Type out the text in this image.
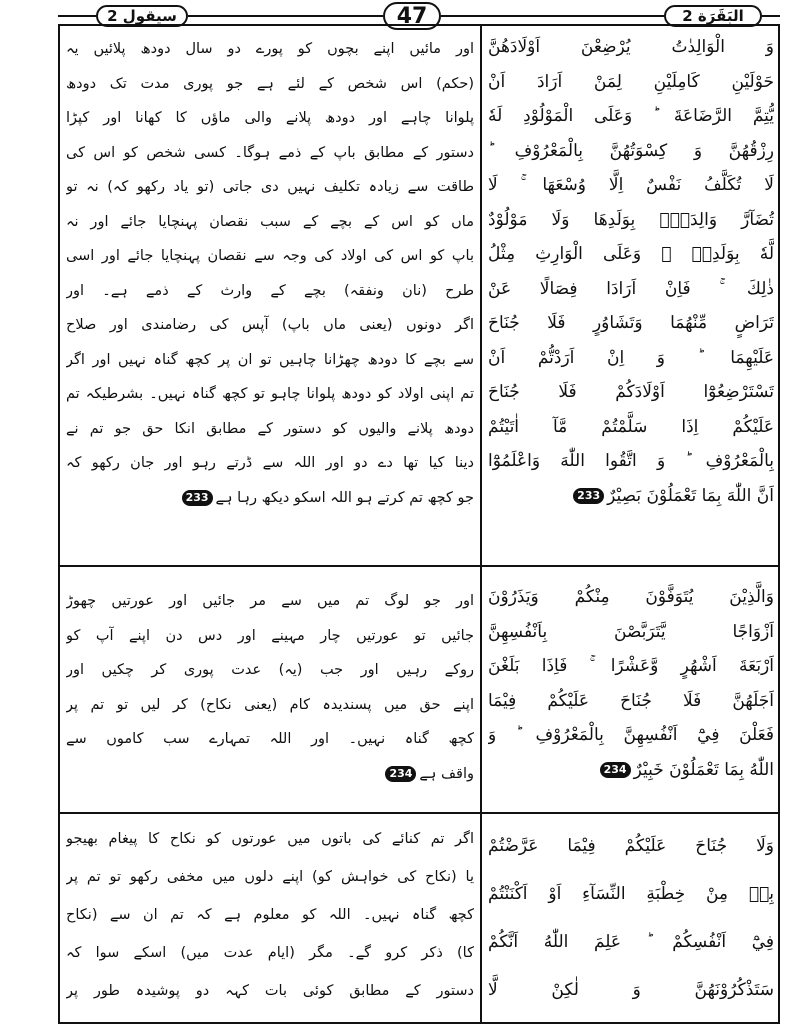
سیقول 2	47	البَقَرَة 2
وَ الْوَالِدٰتُ يُرْضِعْنَ اَوْلَادَهُنَّ
حَوْلَيْنِ كَامِلَيْنِ لِمَنْ اَرَادَ اَنْ
يُّتِمَّ الرَّضَاعَةَ ؕ وَعَلَى الْمَوْلُوْدِ لَهٗ
رِزْقُهُنَّ وَ كِسْوَتُهُنَّ بِالْمَعْرُوْفِ ؕ
لَا تُكَلَّفُ نَفْسٌ اِلَّا وُسْعَهَا ۚ لَا
تُضَآرَّ وَالِدَةٌۢ بِوَلَدِهَا وَلَا مَوْلُوْدٌ
لَّهٗ بِوَلَدِهٖ ۚ وَعَلَى الْوَارِثِ مِثْلُ
ذٰلِكَ ۚ فَاِنْ اَرَادَا فِصَالًا عَنْ
تَرَاضٍ مِّنْهُمَا وَتَشَاوُرٍ فَلَا جُنَاحَ
عَلَيْهِمَا ؕ وَ اِنْ اَرَدْتُّمْ اَنْ
تَسْتَرْضِعُوْٓا اَوْلَادَكُمْ فَلَا جُنَاحَ
عَلَيْكُمْ اِذَا سَلَّمْتُمْ مَّآ اٰتَيْتُمْ
بِالْمَعْرُوْفِ ؕ وَ اتَّقُوا اللّٰهَ وَاعْلَمُوْٓا
اَنَّ اللّٰهَ بِمَا تَعْمَلُوْنَ بَصِيْرٌ233
وَالَّذِيْنَ يُتَوَفَّوْنَ مِنْكُمْ وَيَذَرُوْنَ
اَزْوَاجًا يَّتَرَبَّصْنَ بِاَنْفُسِهِنَّ
اَرْبَعَةَ اَشْهُرٍ وَّعَشْرًا ۚ فَاِذَا بَلَغْنَ
اَجَلَهُنَّ فَلَا جُنَاحَ عَلَيْكُمْ فِيْمَا
فَعَلْنَ فِيْٓ اَنْفُسِهِنَّ بِالْمَعْرُوْفِ ؕ وَ
اللّٰهُ بِمَا تَعْمَلُوْنَ خَبِيْرٌ234
وَلَا جُنَاحَ عَلَيْكُمْ فِيْمَا عَرَّضْتُمْ
بِهٖ مِنْ خِطْبَةِ النِّسَآءِ اَوْ اَكْنَنْتُمْ
فِيْٓ اَنْفُسِكُمْ ؕ عَلِمَ اللّٰهُ اَنَّكُمْ
سَتَذْكُرُوْنَهُنَّ وَ لٰكِنْ لَّا
اور مائیں اپنے بچوں کو پورے دو سال دودھ پلائیں یہ
(حکم) اس شخص کے لئے ہے جو پوری مدت تک دودھ
پلوانا چاہے اور دودھ پلانے والی ماؤں کا کھانا اور کپڑا
دستور کے مطابق باپ کے ذمے ہوگا۔ کسی شخص کو اس کی
طاقت سے زیادہ تکلیف نہیں دی جاتی (تو یاد رکھو کہ) نہ تو
ماں کو اس کے بچے کے سبب نقصان پہنچایا جائے اور نہ
باپ کو اس کی اولاد کی وجہ سے نقصان پہنچایا جائے اور اسی
طرح (نان ونفقہ) بچے کے وارث کے ذمے ہے۔ اور
اگر دونوں (یعنی ماں باپ) آپس کی رضامندی اور صلاح
سے بچے کا دودھ چھڑانا چاہیں تو ان پر کچھ گناہ نہیں اور اگر
تم اپنی اولاد کو دودھ پلوانا چاہو تو کچھ گناہ نہیں۔ بشرطیکہ تم
دودھ پلانے والیوں کو دستور کے مطابق انکا حق جو تم نے
دینا کیا تھا دے دو اور اللہ سے ڈرتے رہو اور جان رکھو کہ
جو کچھ تم کرتے ہو اللہ اسکو دیکھ رہا ہے233
اور جو لوگ تم میں سے مر جائیں اور عورتیں چھوڑ
جائیں تو عورتیں چار مہینے اور دس دن اپنے آپ کو
روکے رہیں اور جب (یہ) عدت پوری کر چکیں اور
اپنے حق میں پسندیدہ کام (یعنی نکاح) کر لیں تو تم پر
کچھ گناہ نہیں۔ اور اللہ تمہارے سب کاموں سے
واقف ہے234
اگر تم کنائے کی باتوں میں عورتوں کو نکاح کا پیغام بھیجو
یا (نکاح کی خواہش کو) اپنے دلوں میں مخفی رکھو تو تم پر
کچھ گناہ نہیں۔ اللہ کو معلوم ہے کہ تم ان سے (نکاح
کا) ذکر کرو گے۔ مگر (ایام عدت میں) اسکے سوا کہ
دستور کے مطابق کوئی بات کہہ دو پوشیدہ طور پر
